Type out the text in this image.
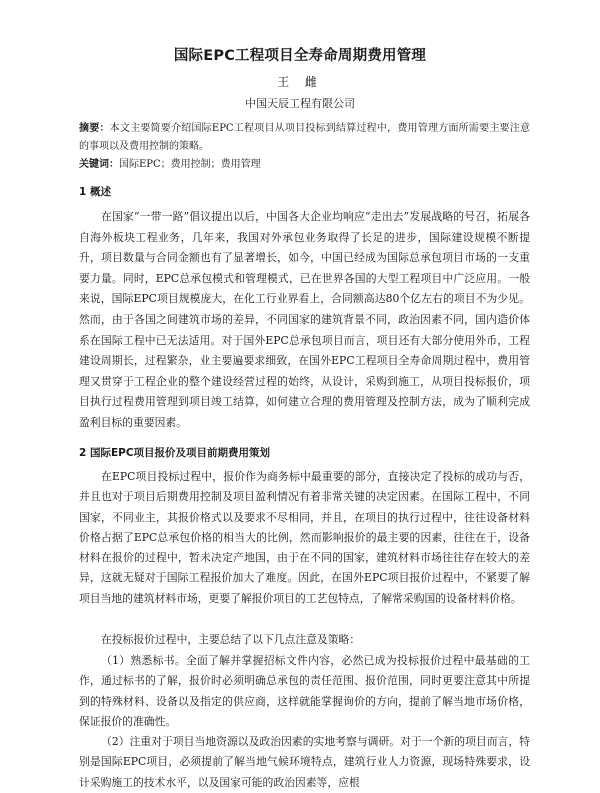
国际EPC工程项目全寿命周期费用管理
王 雌
中国天辰工程有限公司
摘要：本文主要简要介绍国际EPC工程项目从项目投标到结算过程中，费用管理方面所需要主要注意的事项以及费用控制的策略。
关键词：国际EPC；费用控制；费用管理
1 概述

在国家“一带一路”倡议提出以后，中国各大企业均响应“走出去”发展战略的号召，拓展各自海外板块工程业务，几年来，我国对外承包业务取得了长足的进步，国际建设规模不断提升，项目数量与合同金额也有了显著增长，如今，中国已经成为国际总承包项目市场的一支重要力量。同时，EPC总承包模式和管理模式，已在世界各国的大型工程项目中广泛应用。一般来说，国际EPC项目规模庞大，在化工行业界看上，合同额高达80个亿左右的项目不为少见。然而，由于各国之间建筑市场的差异，不同国家的建筑背景不同，政治因素不同，国内造价体系在国际工程中已无法适用。对于国外EPC总承包项目而言，项目还有大部分使用外币，工程建设周期长，过程繁杂，业主要遍要求细致，在国外EPC工程项目全寿命周期过程中，费用管理又贯穿于工程企业的整个建设经营过程的始终，从设计，采购到施工，从项目投标报价，项目执行过程费用管理到项目竣工结算，如何建立合理的费用管理及控制方法，成为了顺利完成盈利目标的重要因素。

2 国际EPC项目报价及项目前期费用策划

在EPC项目投标过程中，报价作为商务标中最重要的部分，直接决定了投标的成功与否，并且也对于项目后期费用控制及项目盈利情况有着非常关键的决定因素。在国际工程中，不同国家，不同业主，其报价格式以及要求不尽相同，并且，在项目的执行过程中，往往设备材料价格占据了EPC总承包价格的相当大的比例，然而影响报价的最主要的因素，往往在于，设备材料在报价的过程中，暂未决定产地国，由于在不同的国家，建筑材料市场往往存在较大的差异，这就无疑对于国际工程报价加大了难度。因此，在国外EPC项目报价过程中，不紧要了解项目当地的建筑材料市场，更要了解报价项目的工艺包特点，了解常采购国的设备材料价格。

在投标报价过程中，主要总结了以下几点注意及策略：

（1）熟悉标书。全面了解并掌握招标文件内容，必然已成为投标报价过程中最基础的工作，通过标书的了解，报价时必须明确总承包的责任范围、报价范围，同时更要注意其中所提到的特殊材料、设备以及指定的供应商，这样就能掌握询价的方向，提前了解当地市场价格，保证报价的准确性。

（2）注重对于项目当地资源以及政治因素的实地考察与调研。对于一个新的项目而言，特别是国际EPC项目，必须提前了解当地气候环境特点，建筑行业人力资源，现场特殊要求，设计采购施工的技术水平，以及国家可能的政治因素等，应根
